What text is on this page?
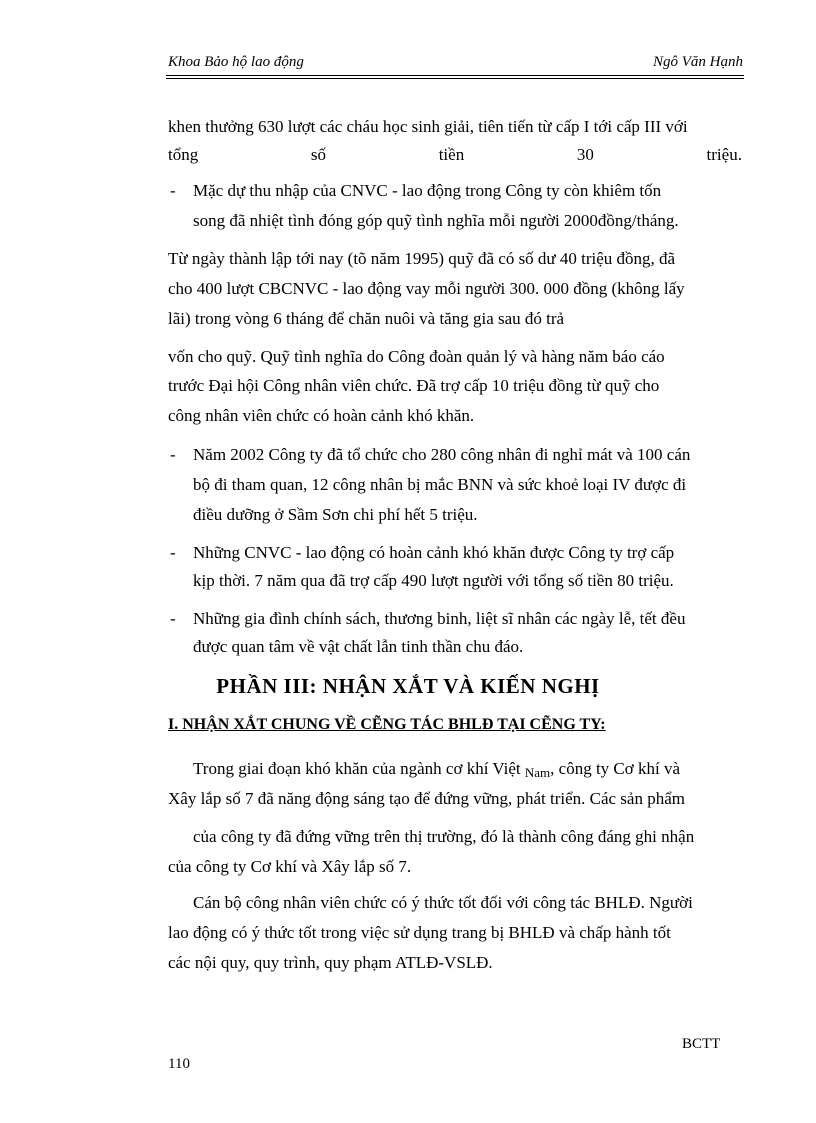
Khoa Bảo hộ lao động	Ngô Văn Hạnh

khen thưởng 630 lượt các cháu học sinh giải, tiên tiến từ cấp I tới cấp III với

tổng	số	tiền	30	triệu.
- Mặc dự thu nhập của CNVC - lao động trong Công ty còn khiêm tốn

song đã nhiệt tình đóng góp quỹ tình nghĩa mỗi người 2000đồng/tháng.

Từ ngày thành lập tới nay (tõ năm 1995) quỹ đã có số dư 40 triệu đồng, đã

cho 400 lượt CBCNVC - lao động vay mỗi người 300. 000 đồng (không lấy

lãi) trong vòng 6 tháng để chăn nuôi và tăng gia sau đó trả

vốn cho quỹ. Quỹ tình nghĩa do Công đoàn quản lý và hàng năm báo cáo

trước Đại hội Công nhân viên chức. Đã trợ cấp 10 triệu đồng từ quỹ cho

công nhân viên chức có hoàn cảnh khó khăn.

- Năm 2002 Công ty đã tổ chức cho 280 công nhân đi nghỉ mát và 100 cán

bộ đi tham quan, 12 công nhân bị mắc BNN và sức khoẻ loại IV được đi

điều dưỡng ở Sầm Sơn chi phí hết 5 triệu.

- Những CNVC - lao động có hoàn cảnh khó khăn được Công ty trợ cấp

kịp thời. 7 năm qua đã trợ cấp 490 lượt người với tổng số tiền 80 triệu.

- Những gia đình chính sách, thương binh, liệt sĩ nhân các ngày lễ, tết đều

được quan tâm về vật chất lẫn tinh thần chu đáo.

PHẦN III: NHẬN XẮT VÀ KIẾN NGHỊ

I. NHẬN XẮT CHUNG VỀ CẼNG TÁC BHLĐ TẠI CẼNG TY:

Trong giai đoạn khó khăn của ngành cơ khí Việt $_{Nam}$, công ty Cơ khí và

Xây lắp số 7 đã năng động sáng tạo để đứng vững, phát triển. Các sản phẩm

của công ty đã đứng vững trên thị trường, đó là thành công đáng ghi nhận

của công ty Cơ khí và Xây lắp số 7.

Cán bộ công nhân viên chức có ý thức tốt đối với công tác BHLĐ. Người

lao động có ý thức tốt trong việc sử dụng trang bị BHLĐ và chấp hành tốt

các nội quy, quy trình, quy phạm ATLĐ-VSLĐ.

BCTT
110
